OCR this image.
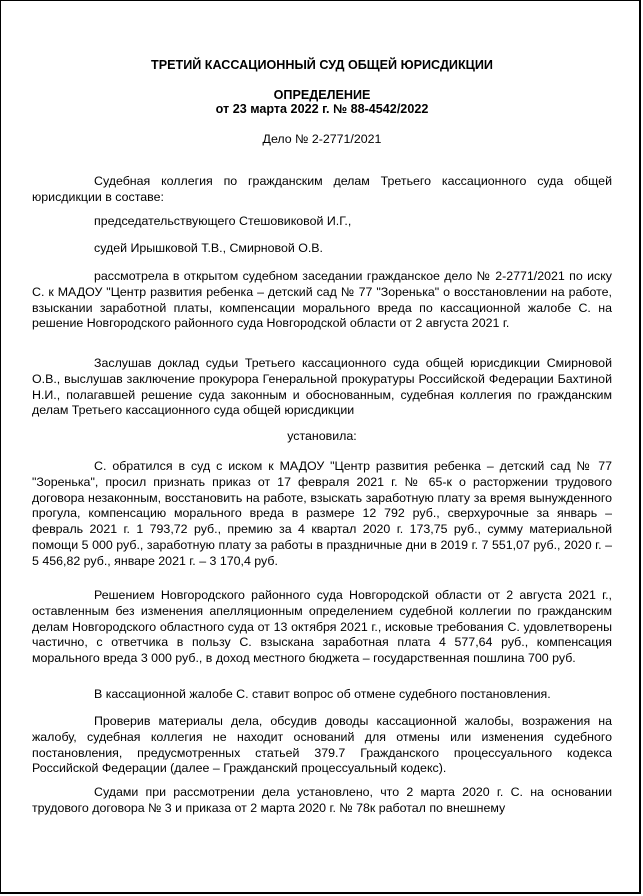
ТРЕТИЙ КАССАЦИОННЫЙ СУД ОБЩЕЙ ЮРИСДИКЦИИ
ОПРЕДЕЛЕНИЕ
от 23 марта 2022 г. № 88-4542/2022
Дело № 2-2771/2021

Судебная коллегия по гражданским делам Третьего кассационного суда общей юрисдикции в составе:

председательствующего Стешовиковой И.Г.,

судей Ирышковой Т.В., Смирновой О.В.

рассмотрела в открытом судебном заседании гражданское дело № 2-2771/2021 по иску С. к МАДОУ "Центр развития ребенка – детский сад № 77 "Зоренька" о восстановлении на работе, взыскании заработной платы, компенсации морального вреда по кассационной жалобе С. на решение Новгородского районного суда Новгородской области от 2 августа 2021 г.

Заслушав доклад судьи Третьего кассационного суда общей юрисдикции Смирновой О.В., выслушав заключение прокурора Генеральной прокуратуры Российской Федерации Бахтиной Н.И., полагавшей решение суда законным и обоснованным, судебная коллегия по гражданским делам Третьего кассационного суда общей юрисдикции

установила:

С. обратился в суд с иском к МАДОУ "Центр развития ребенка – детский сад № 77 "Зоренька", просил признать приказ от 17 февраля 2021 г. № 65-к о расторжении трудового договора незаконным, восстановить на работе, взыскать заработную плату за время вынужденного прогула, компенсацию морального вреда в размере 12 792 руб., сверхурочные за январь – февраль 2021 г. 1 793,72 руб., премию за 4 квартал 2020 г. 173,75 руб., сумму материальной помощи 5 000 руб., заработную плату за работы в праздничные дни в 2019 г. 7 551,07 руб., 2020 г. – 5 456,82 руб., январе 2021 г. – 3 170,4 руб.

Решением Новгородского районного суда Новгородской области от 2 августа 2021 г., оставленным без изменения апелляционным определением судебной коллегии по гражданским делам Новгородского областного суда от 13 октября 2021 г., исковые требования С. удовлетворены частично, с ответчика в пользу С. взыскана заработная плата 4 577,64 руб., компенсация морального вреда 3 000 руб., в доход местного бюджета – государственная пошлина 700 руб.

В кассационной жалобе С. ставит вопрос об отмене судебного постановления.

Проверив материалы дела, обсудив доводы кассационной жалобы, возражения на жалобу, судебная коллегия не находит оснований для отмены или изменения судебного постановления, предусмотренных статьей 379.7 Гражданского процессуального кодекса Российской Федерации (далее – Гражданский процессуальный кодекс).

Судами при рассмотрении дела установлено, что 2 марта 2020 г. С. на основании трудового договора № 3 и приказа от 2 марта 2020 г. № 78к работал по внешнему
